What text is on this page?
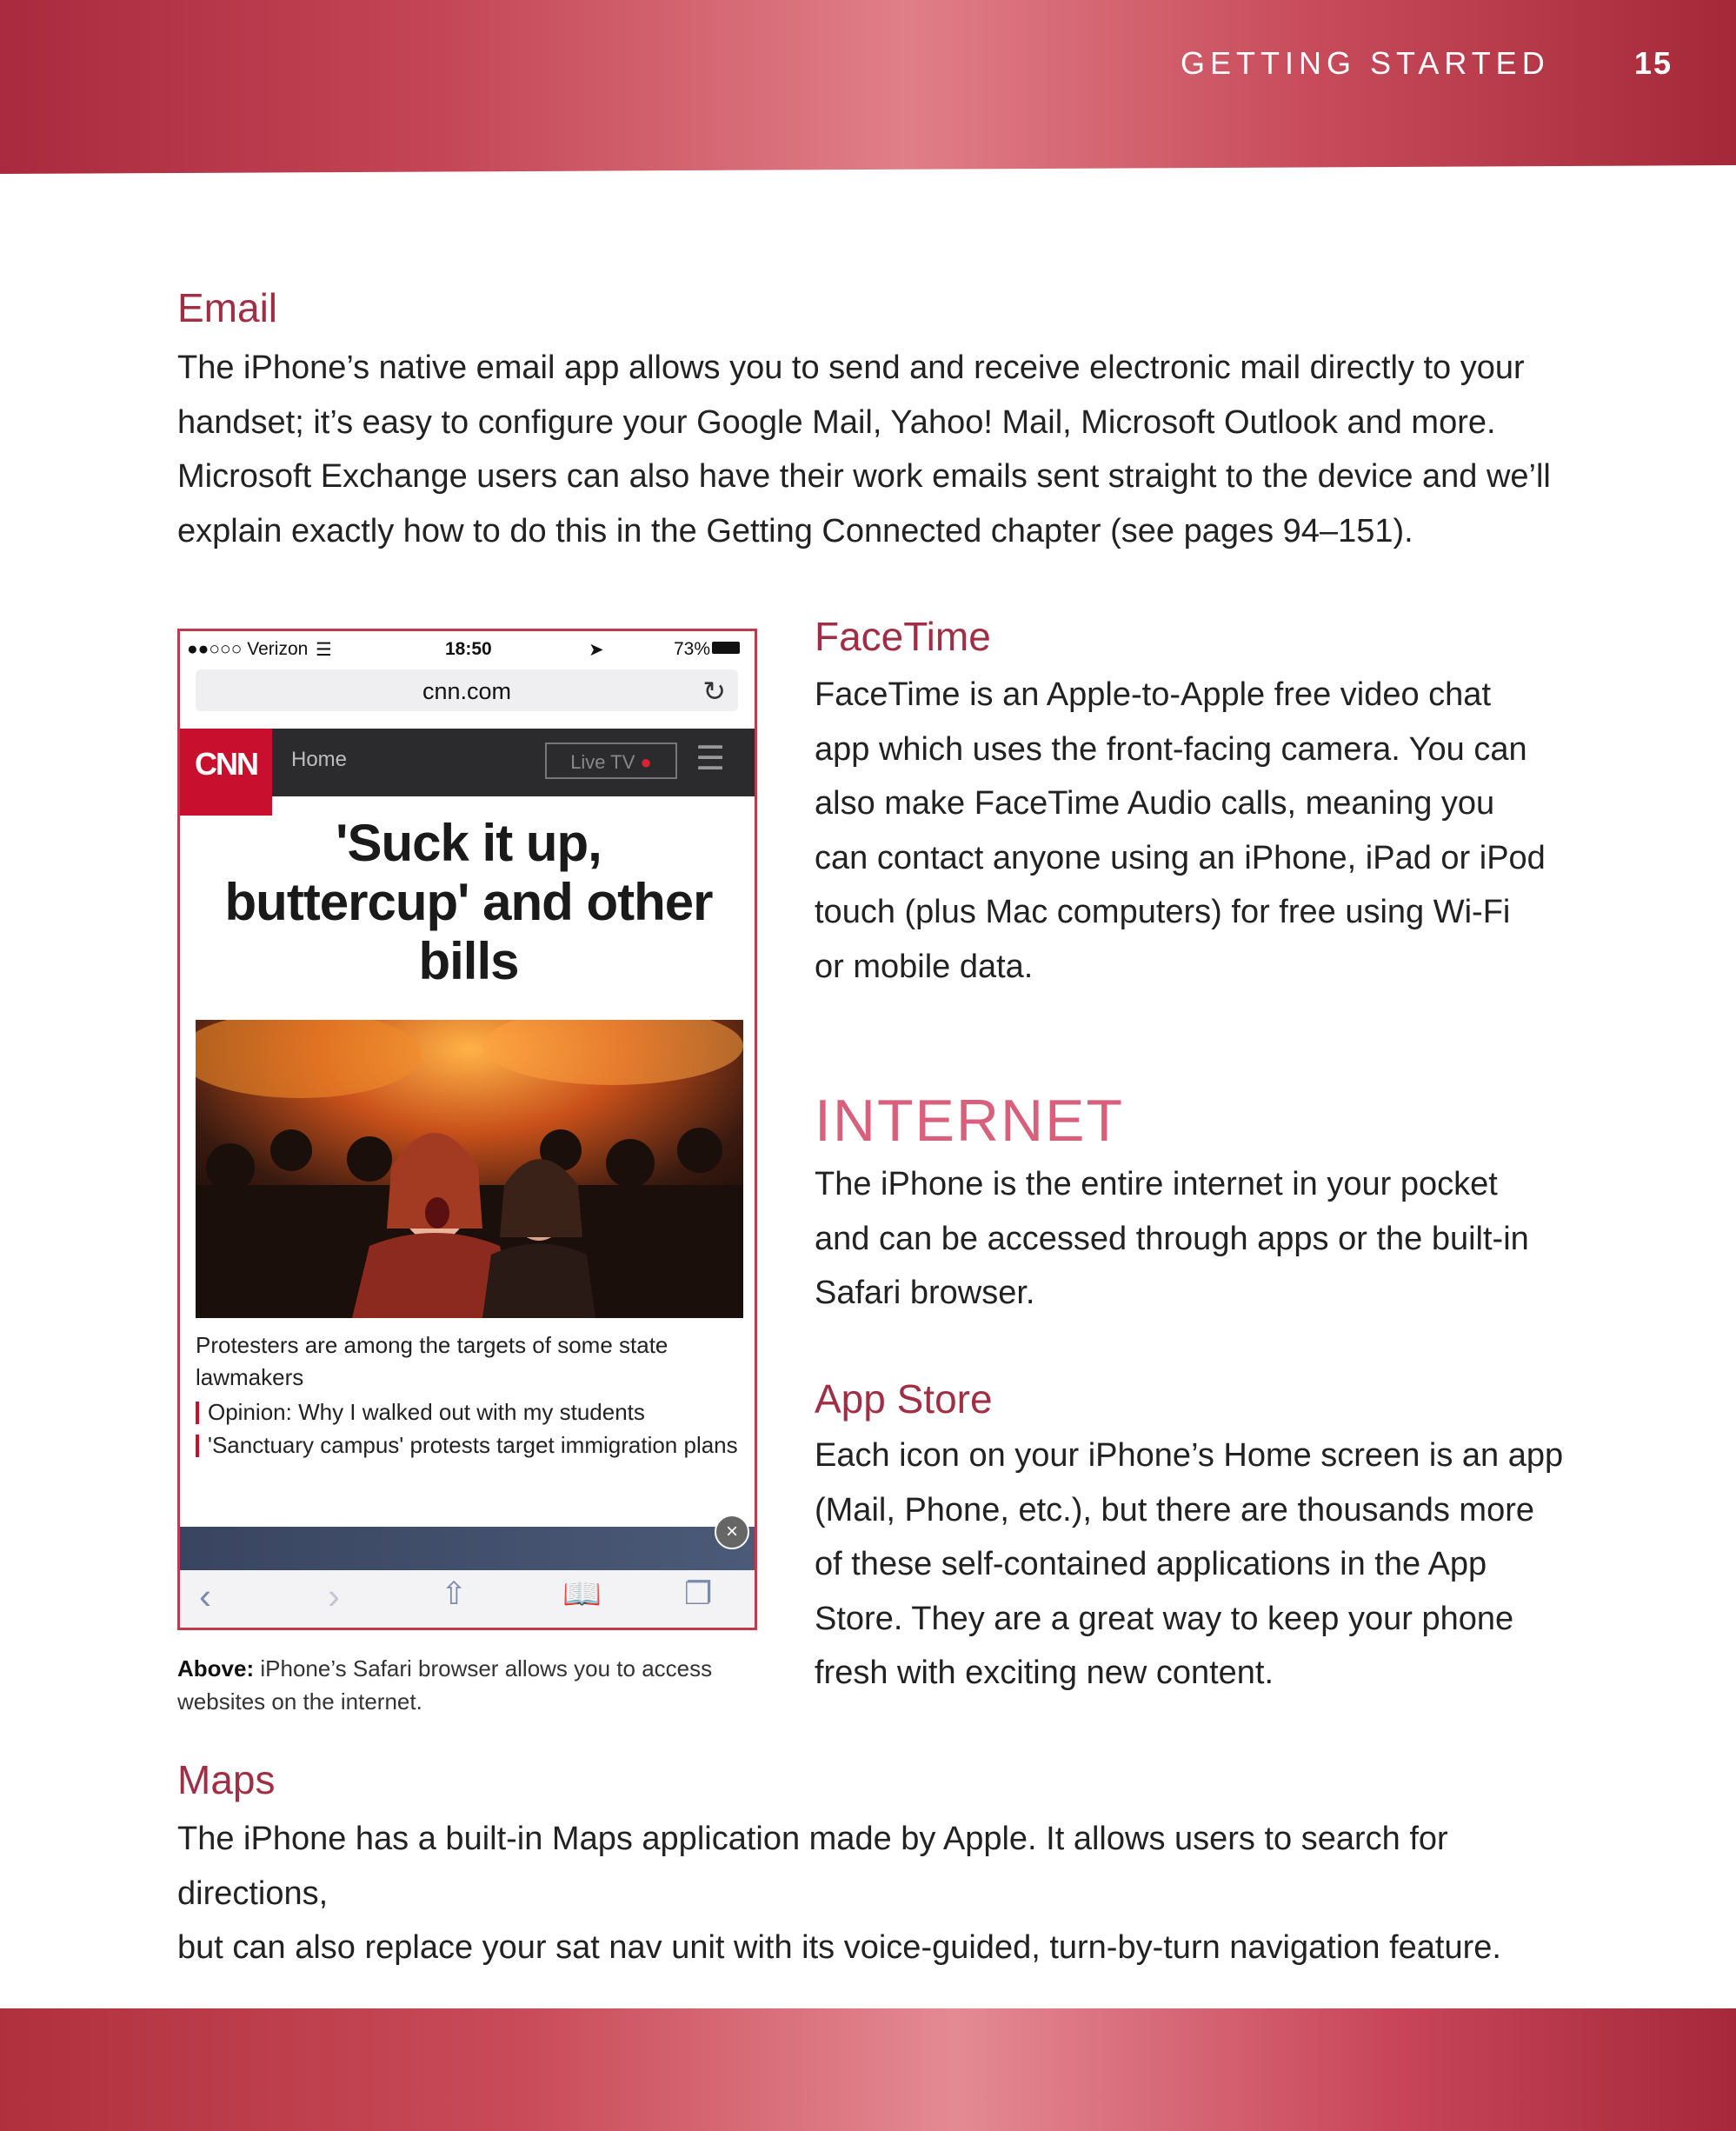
GETTING STARTED	15
Email

The iPhone’s native email app allows you to send and receive electronic mail directly to your
handset; it’s easy to configure your Google Mail, Yahoo! Mail, Microsoft Outlook and more.
Microsoft Exchange users can also have their work emails sent straight to the device and we’ll
explain exactly how to do this in the Getting Connected chapter (see pages 94–151).

●●○○○ Verizon ☰	18:50	➤	73%
cnn.com	↻
Home	Live TV ●	☰
CNN
'Suck it up,
buttercup' and other
bills
Protesters are among the targets of some state lawmakers
Opinion: Why I walked out with my students
'Sanctuary campus' protests target immigration plans
×
‹	›	⇧	📖	❐
Above: iPhone’s Safari browser allows you to access websites on the internet.
FaceTime

FaceTime is an Apple-to-Apple free video chat
app which uses the front-facing camera. You can
also make FaceTime Audio calls, meaning you
can contact anyone using an iPhone, iPad or iPod
touch (plus Mac computers) for free using Wi-Fi
or mobile data.

INTERNET

The iPhone is the entire internet in your pocket
and can be accessed through apps or the built-in
Safari browser.

App Store

Each icon on your iPhone’s Home screen is an app
(Mail, Phone, etc.), but there are thousands more
of these self-contained applications in the App
Store. They are a great way to keep your phone
fresh with exciting new content.

Maps

The iPhone has a built-in Maps application made by Apple. It allows users to search for directions,
but can also replace your sat nav unit with its voice-guided, turn-by-turn navigation feature.
